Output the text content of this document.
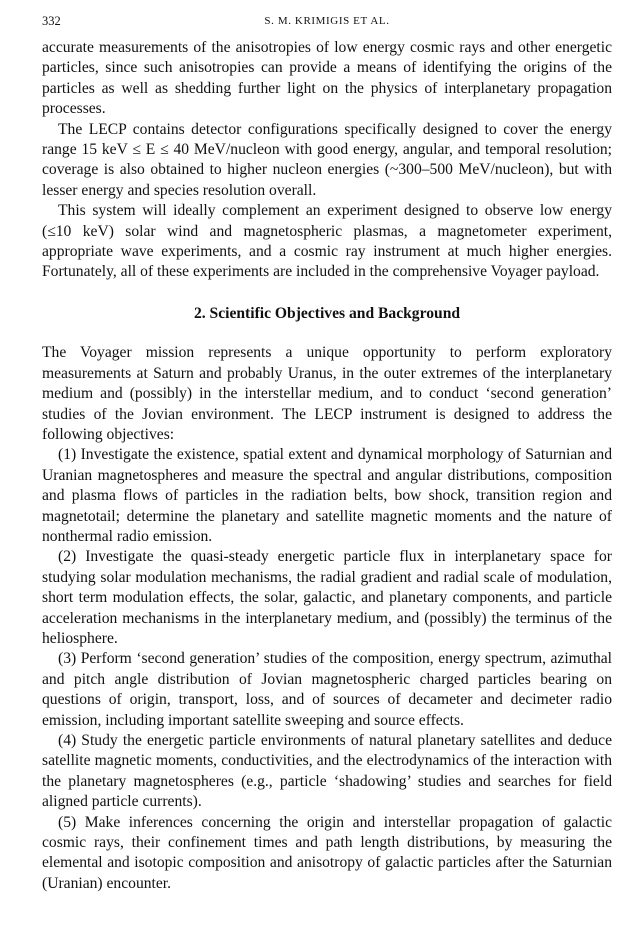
332	S. M. KRIMIGIS ET AL.

accurate measurements of the anisotropies of low energy cosmic rays and other energetic particles, since such anisotropies can provide a means of identifying the origins of the particles as well as shedding further light on the physics of interplanetary propagation processes.

The LECP contains detector configurations specifically designed to cover the energy range 15 keV ≤ E ≤ 40 MeV/nucleon with good energy, angular, and temporal resolution; coverage is also obtained to higher nucleon energies (~300–500 MeV/nucleon), but with lesser energy and species resolution overall.

This system will ideally complement an experiment designed to observe low energy (≤10 keV) solar wind and magnetospheric plasmas, a magnetometer experiment, appropriate wave experiments, and a cosmic ray instrument at much higher energies. Fortunately, all of these experiments are included in the comprehensive Voyager payload.

2. Scientific Objectives and Background

The Voyager mission represents a unique opportunity to perform exploratory measurements at Saturn and probably Uranus, in the outer extremes of the interplanetary medium and (possibly) in the interstellar medium, and to conduct ‘second generation’ studies of the Jovian environment. The LECP instrument is designed to address the following objectives:

(1) Investigate the existence, spatial extent and dynamical morphology of Saturnian and Uranian magnetospheres and measure the spectral and angular distributions, composition and plasma flows of particles in the radiation belts, bow shock, transition region and magnetotail; determine the planetary and satellite magnetic moments and the nature of nonthermal radio emission.

(2) Investigate the quasi-steady energetic particle flux in interplanetary space for studying solar modulation mechanisms, the radial gradient and radial scale of modulation, short term modulation effects, the solar, galactic, and planetary components, and particle acceleration mechanisms in the interplanetary medium, and (possibly) the terminus of the heliosphere.

(3) Perform ‘second generation’ studies of the composition, energy spectrum, azimuthal and pitch angle distribution of Jovian magnetospheric charged particles bearing on questions of origin, transport, loss, and of sources of decameter and decimeter radio emission, including important satellite sweeping and source effects.

(4) Study the energetic particle environments of natural planetary satellites and deduce satellite magnetic moments, conductivities, and the electrodynamics of the interaction with the planetary magnetospheres (e.g., particle ‘shadowing’ studies and searches for field aligned particle currents).

(5) Make inferences concerning the origin and interstellar propagation of galactic cosmic rays, their confinement times and path length distributions, by measuring the elemental and isotopic composition and anisotropy of galactic particles after the Saturnian (Uranian) encounter.
